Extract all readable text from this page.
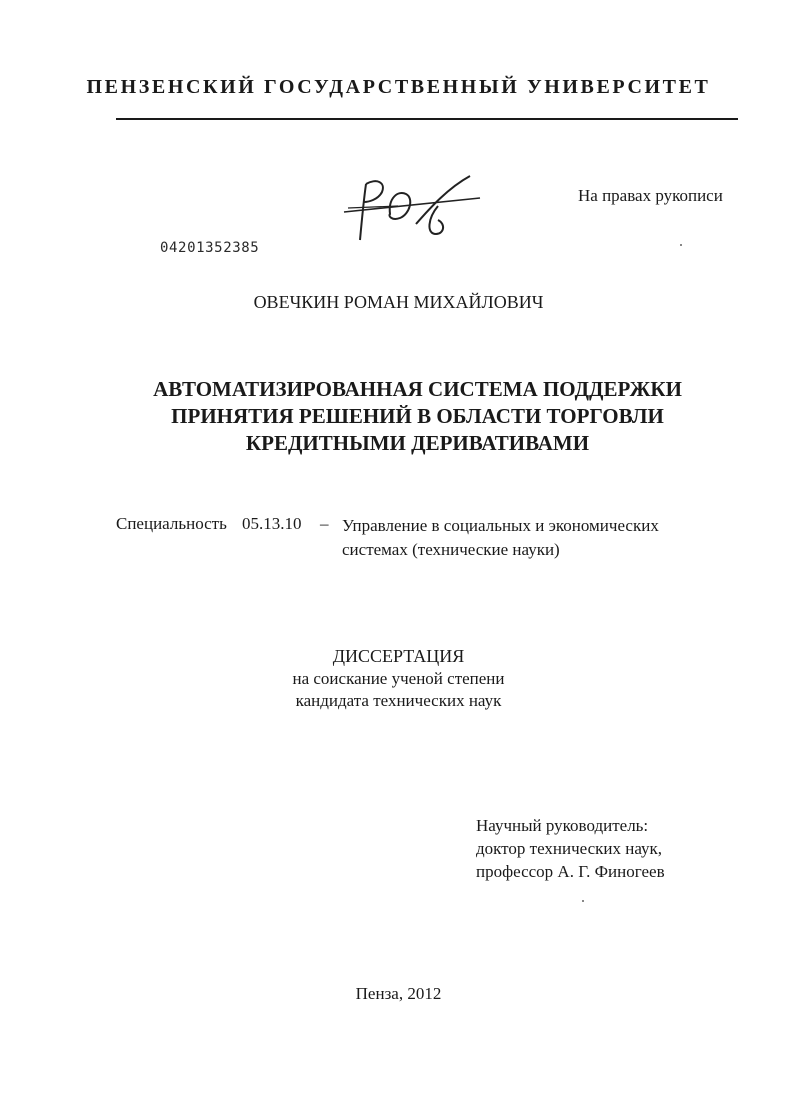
ПЕНЗЕНСКИЙ ГОСУДАРСТВЕННЫЙ УНИВЕРСИТЕТ
На правах рукописи
04201352385
ОВЕЧКИН РОМАН МИХАЙЛОВИЧ
АВТОМАТИЗИРОВАННАЯ СИСТЕМА ПОДДЕРЖКИ
ПРИНЯТИЯ РЕШЕНИЙ В ОБЛАСТИ ТОРГОВЛИ
КРЕДИТНЫМИ ДЕРИВАТИВАМИ
Специальность 05.13.10 – Управление в социальных и экономических
системах (технические науки)
ДИССЕРТАЦИЯ
на соискание ученой степени
кандидата технических наук
Научный руководитель:
доктор технических наук,
профессор А. Г. Финогеев
Пенза, 2012
